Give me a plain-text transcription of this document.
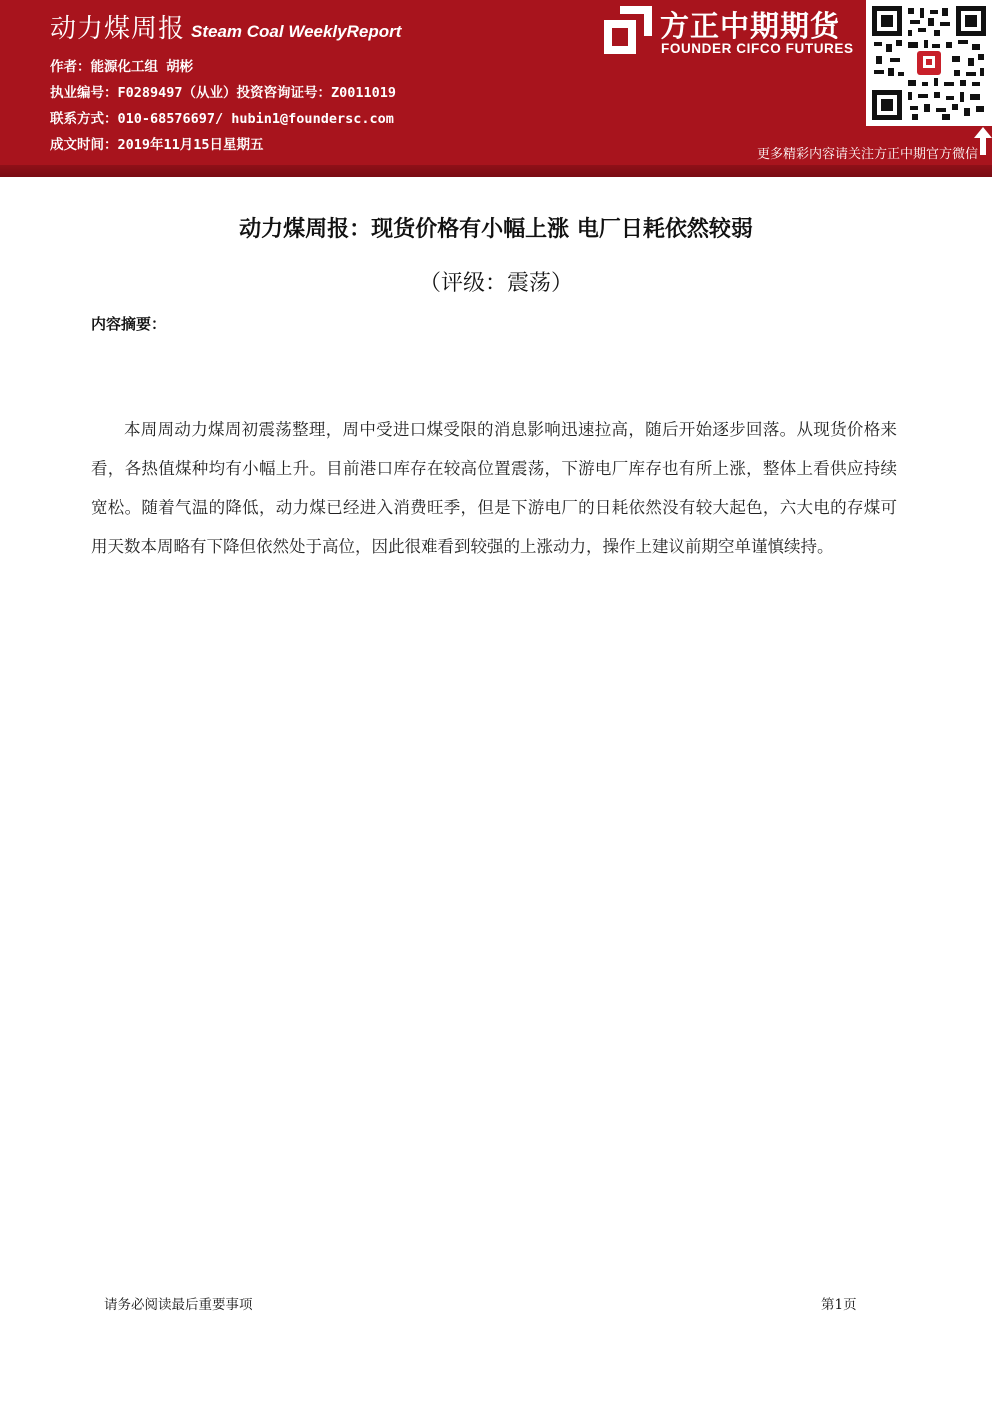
动力煤周报 Steam Coal WeeklyReport
作者：能源化工组 胡彬
执业编号：F0289497（从业）投资咨询证号：Z0011019
联系方式：010-68576697/ hubin1@foundersc.com
成文时间：2019年11月15日星期五
方正中期期货
FOUNDER CIFCO FUTURES
更多精彩内容请关注方正中期官方微信
动力煤周报：现货价格有小幅上涨 电厂日耗依然较弱
（评级：震荡）
内容摘要：

本周周动力煤周初震荡整理，周中受进口煤受限的消息影响迅速拉高，随后开始逐步回落。从现货价格来看，各热值煤种均有小幅上升。目前港口库存在较高位置震荡，下游电厂库存也有所上涨，整体上看供应持续宽松。随着气温的降低，动力煤已经进入消费旺季，但是下游电厂的日耗依然没有较大起色，六大电的存煤可用天数本周略有下降但依然处于高位，因此很难看到较强的上涨动力，操作上建议前期空单谨慎续持。

请务必阅读最后重要事项	第1页
